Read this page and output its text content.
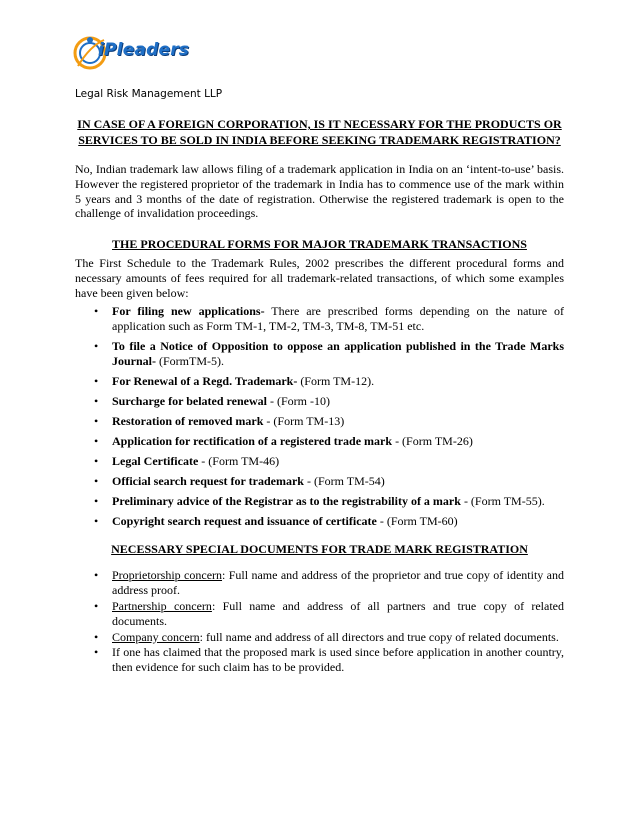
iPleaders
Legal Risk Management LLP
IN CASE OF A FOREIGN CORPORATION, IS IT NECESSARY FOR THE PRODUCTS OR SERVICES TO BE SOLD IN INDIA BEFORE SEEKING TRADEMARK REGISTRATION?

No, Indian trademark law allows filing of a trademark application in India on an ‘intent-to-use’ basis. However the registered proprietor of the trademark in India has to commence use of the mark within 5 years and 3 months of the date of registration. Otherwise the registered trademark is open to the challenge of invalidation proceedings.

THE PROCEDURAL FORMS FOR MAJOR TRADEMARK TRANSACTIONS

The First Schedule to the Trademark Rules, 2002 prescribes the different procedural forms and necessary amounts of fees required for all trademark-related transactions, of which some examples have been given below:

• For filing new applications- There are prescribed forms depending on the nature of application such as Form TM-1, TM-2, TM-3, TM-8, TM-51 etc.
• To file a Notice of Opposition to oppose an application published in the Trade Marks Journal- (FormTM-5).
• For Renewal of a Regd. Trademark- (Form TM-12).
• Surcharge for belated renewal - (Form -10)
• Restoration of removed mark - (Form TM-13)
• Application for rectification of a registered trade mark - (Form TM-26)
• Legal Certificate - (Form TM-46)
• Official search request for trademark - (Form TM-54)
• Preliminary advice of the Registrar as to the registrability of a mark - (Form TM-55).
• Copyright search request and issuance of certificate - (Form TM-60)
NECESSARY SPECIAL DOCUMENTS FOR TRADE MARK REGISTRATION
• Proprietorship concern: Full name and address of the proprietor and true copy of identity and address proof.
• Partnership concern: Full name and address of all partners and true copy of related documents.
• Company concern: full name and address of all directors and true copy of related documents.
• If one has claimed that the proposed mark is used since before application in another country, then evidence for such claim has to be provided.
